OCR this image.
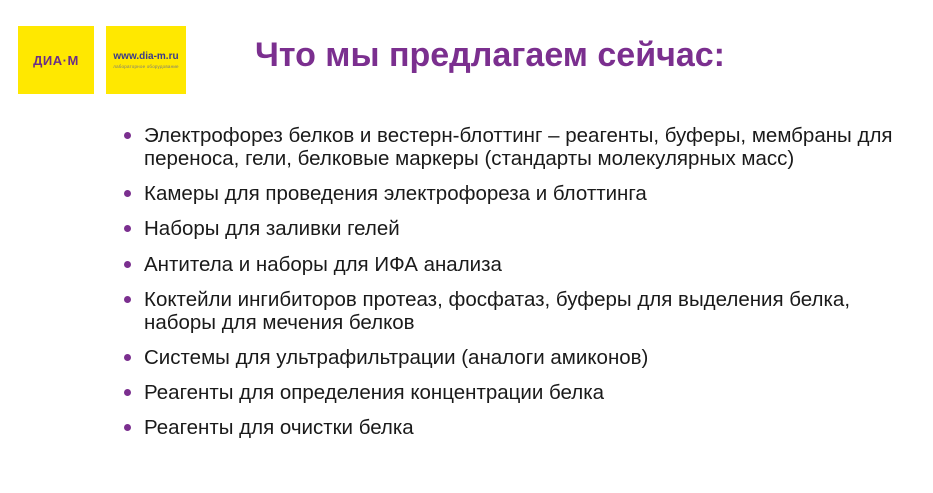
ДИА·М	www.dia-m.ru
лабораторное оборудование Что мы предлагаем сейчас:
Электрофорез белков и вестерн-блоттинг – реагенты, буферы, мембраны для переноса, гели, белковые маркеры (стандарты молекулярных масс)
Камеры для проведения электрофореза и блоттинга
Наборы для заливки гелей
Антитела и наборы для ИФА анализа
Коктейли ингибиторов протеаз, фосфатаз, буферы для выделения белка, наборы для мечения белков
Системы для ультрафильтрации (аналоги амиконов)
Реагенты для определения концентрации белка
Реагенты для очистки белка
